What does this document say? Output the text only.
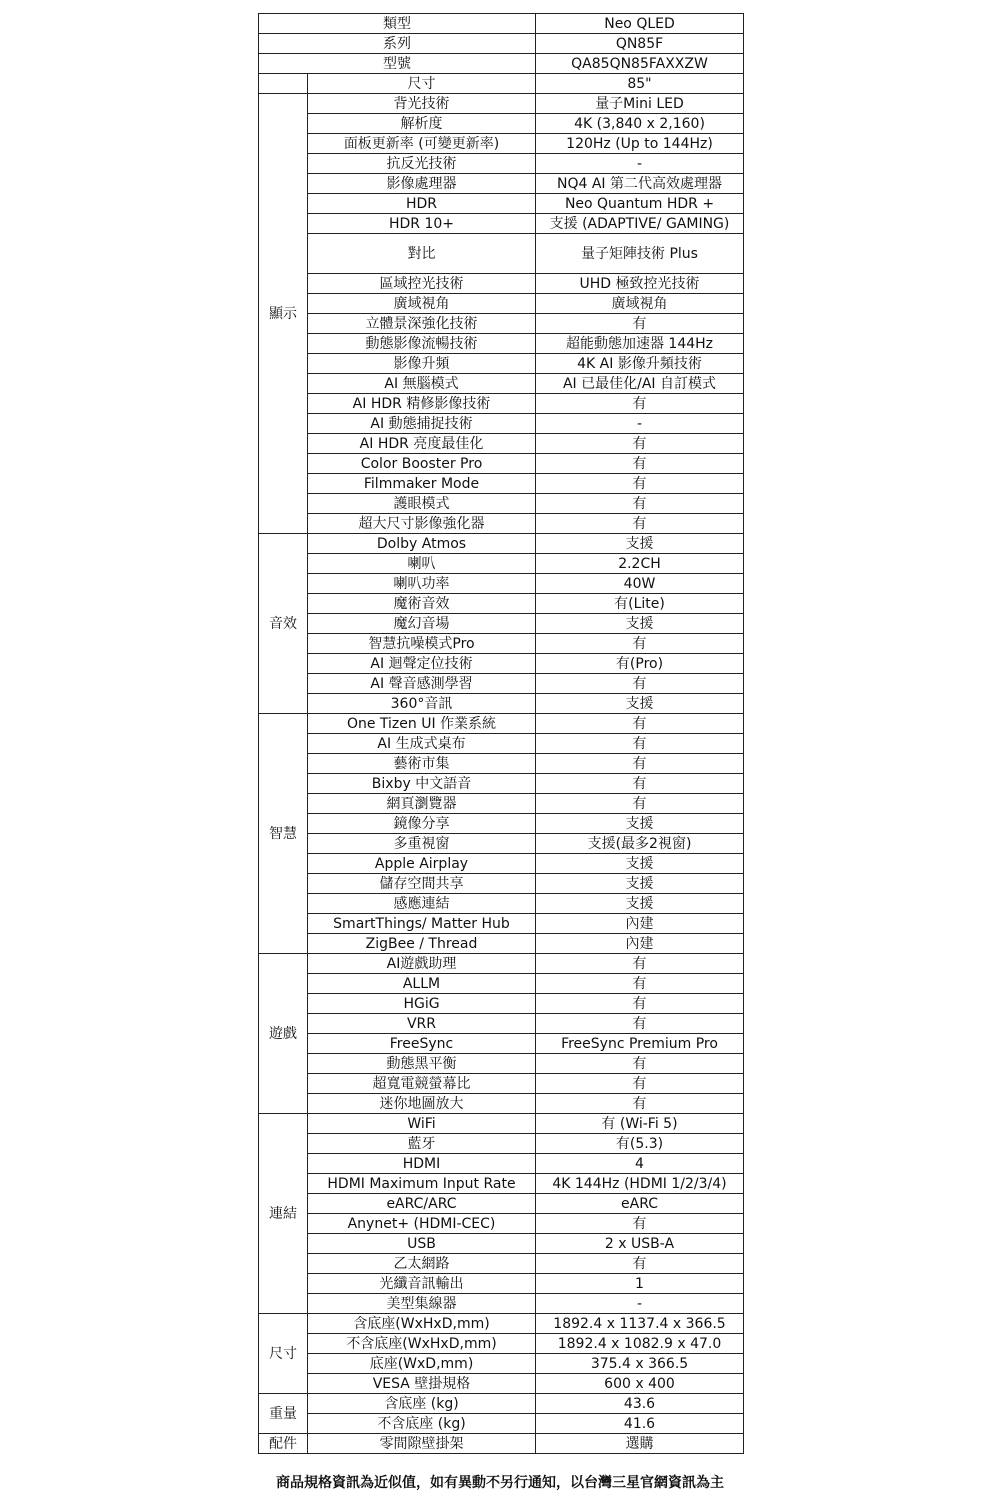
類型		Neo QLED
系列		QN85F
型號		QA85QN85FAXXZW
	尺寸	85"
顯示	背光技術	量子Mini LED
	解析度	4K (3,840 x 2,160)
	面板更新率 (可變更新率)	120Hz (Up to 144Hz)
	抗反光技術	-
	影像處理器	NQ4 AI 第二代高效處理器
	HDR	Neo Quantum HDR +
	HDR 10+	支援 (ADAPTIVE/ GAMING)
	對比	量子矩陣技術 Plus
	區域控光技術	UHD 極致控光技術
	廣域視角	廣域視角
	立體景深強化技術	有
	動態影像流暢技術	超能動態加速器 144Hz
	影像升頻	4K AI 影像升頻技術
	AI 無腦模式	AI 已最佳化/AI 自訂模式
	AI HDR 精修影像技術	有
	AI 動態捕捉技術	-
	AI HDR 亮度最佳化	有
	Color Booster Pro	有
	Filmmaker Mode	有
	護眼模式	有
	超大尺寸影像強化器	有
音效	Dolby Atmos	支援
	喇叭	2.2CH
	喇叭功率	40W
	魔術音效	有(Lite)
	魔幻音場	支援
	智慧抗噪模式Pro	有
	AI 迴聲定位技術	有(Pro)
	AI 聲音感測學習	有
	360°音訊	支援
智慧	One Tizen UI 作業系統	有
	AI 生成式桌布	有
	藝術市集	有
	Bixby 中文語音	有
	網頁瀏覽器	有
	鏡像分享	支援
	多重視窗	支援(最多2視窗)
	Apple Airplay	支援
	儲存空間共享	支援
	感應連結	支援
	SmartThings/ Matter Hub	內建
	ZigBee / Thread	內建
遊戲	AI遊戲助理	有
	ALLM	有
	HGiG	有
	VRR	有
	FreeSync	FreeSync Premium Pro
	動態黑平衡	有
	超寬電競螢幕比	有
	迷你地圖放大	有
連結	WiFi	有 (Wi-Fi 5)
	藍牙	有(5.3)
	HDMI	4
	HDMI Maximum Input Rate	4K 144Hz (HDMI 1/2/3/4)
	eARC/ARC	eARC
	Anynet+ (HDMI-CEC)	有
	USB	2 x USB-A
	乙太網路	有
	光纖音訊輸出	1
	美型集線器	-
尺寸	含底座(WxHxD,mm)	1892.4 x 1137.4 x 366.5
	不含底座(WxHxD,mm)	1892.4 x 1082.9 x 47.0
	底座(WxD,mm)	375.4 x 366.5
	VESA 壁掛規格	600 x 400
重量	含底座 (kg)	43.6
	不含底座 (kg)	41.6
配件	零間隙壁掛架	選購
商品規格資訊為近似值，如有異動不另行通知，以台灣三星官網資訊為主
